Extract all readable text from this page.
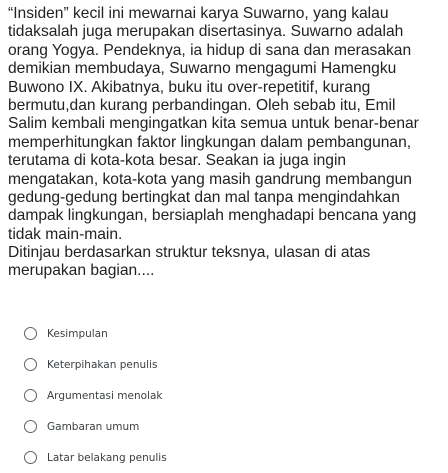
“Insiden” kecil ini mewarnai karya Suwarno, yang kalau
tidaksalah juga merupakan disertasinya. Suwarno adalah
orang Yogya. Pendeknya, ia hidup di sana dan merasakan
demikian membudaya, Suwarno mengagumi Hamengku
Buwono IX. Akibatnya, buku itu over-repetitif, kurang
bermutu,dan kurang perbandingan. Oleh sebab itu, Emil
Salim kembali mengingatkan kita semua untuk benar-benar
memperhitungkan faktor lingkungan dalam pembangunan,
terutama di kota-kota besar. Seakan ia juga ingin
mengatakan, kota-kota yang masih gandrung membangun
gedung-gedung bertingkat dan mal tanpa mengindahkan
dampak lingkungan, bersiaplah menghadapi bencana yang
tidak main-main.
Ditinjau berdasarkan struktur teksnya, ulasan di atas
merupakan bagian....
Kesimpulan
Keterpihakan penulis
Argumentasi menolak
Gambaran umum
Latar belakang penulis
